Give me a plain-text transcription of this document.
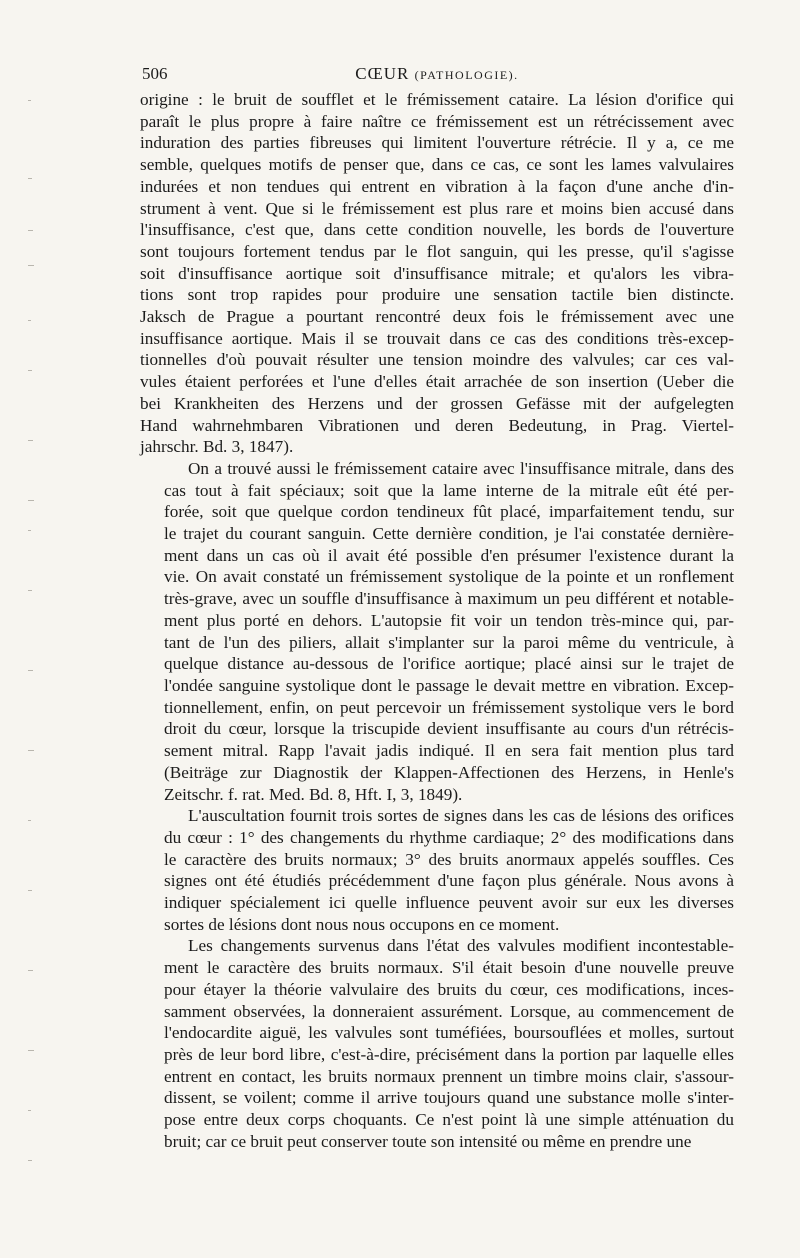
506	CŒUR (PATHOLOGIE).

origine : le bruit de soufflet et le frémissement cataire. La lésion d'orifice qui
paraît le plus propre à faire naître ce frémissement est un rétrécissement avec
induration des parties fibreuses qui limitent l'ouverture rétrécie. Il y a, ce me
semble, quelques motifs de penser que, dans ce cas, ce sont les lames valvulaires
indurées et non tendues qui entrent en vibration à la façon d'une anche d'in-
strument à vent. Que si le frémissement est plus rare et moins bien accusé dans
l'insuffisance, c'est que, dans cette condition nouvelle, les bords de l'ouverture
sont toujours fortement tendus par le flot sanguin, qui les presse, qu'il s'agisse
soit d'insuffisance aortique soit d'insuffisance mitrale; et qu'alors les vibra-
tions sont trop rapides pour produire une sensation tactile bien distincte.
Jaksch de Prague a pourtant rencontré deux fois le frémissement avec une
insuffisance aortique. Mais il se trouvait dans ce cas des conditions très-excep-
tionnelles d'où pouvait résulter une tension moindre des valvules; car ces val-
vules étaient perforées et l'une d'elles était arrachée de son insertion (Ueber die
bei Krankheiten des Herzens und der grossen Gefässe mit der aufgelegten
Hand wahrnehmbaren Vibrationen und deren Bedeutung, in Prag. Viertel-
jahrschr. Bd. 3, 1847).

On a trouvé aussi le frémissement cataire avec l'insuffisance mitrale, dans des
cas tout à fait spéciaux; soit que la lame interne de la mitrale eût été per-
forée, soit que quelque cordon tendineux fût placé, imparfaitement tendu, sur
le trajet du courant sanguin. Cette dernière condition, je l'ai constatée dernière-
ment dans un cas où il avait été possible d'en présumer l'existence durant la
vie. On avait constaté un frémissement systolique de la pointe et un ronflement
très-grave, avec un souffle d'insuffisance à maximum un peu différent et notable-
ment plus porté en dehors. L'autopsie fit voir un tendon très-mince qui, par-
tant de l'un des piliers, allait s'implanter sur la paroi même du ventricule, à
quelque distance au-dessous de l'orifice aortique; placé ainsi sur le trajet de
l'ondée sanguine systolique dont le passage le devait mettre en vibration. Excep-
tionnellement, enfin, on peut percevoir un frémissement systolique vers le bord
droit du cœur, lorsque la triscupide devient insuffisante au cours d'un rétrécis-
sement mitral. Rapp l'avait jadis indiqué. Il en sera fait mention plus tard
(Beiträge zur Diagnostik der Klappen-Affectionen des Herzens, in Henle's
Zeitschr. f. rat. Med. Bd. 8, Hft. I, 3, 1849).

L'auscultation fournit trois sortes de signes dans les cas de lésions des orifices
du cœur : 1° des changements du rhythme cardiaque; 2° des modifications dans
le caractère des bruits normaux; 3° des bruits anormaux appelés souffles. Ces
signes ont été étudiés précédemment d'une façon plus générale. Nous avons à
indiquer spécialement ici quelle influence peuvent avoir sur eux les diverses
sortes de lésions dont nous nous occupons en ce moment.

Les changements survenus dans l'état des valvules modifient incontestable-
ment le caractère des bruits normaux. S'il était besoin d'une nouvelle preuve
pour étayer la théorie valvulaire des bruits du cœur, ces modifications, inces-
samment observées, la donneraient assurément. Lorsque, au commencement de
l'endocardite aiguë, les valvules sont tuméfiées, boursouflées et molles, surtout
près de leur bord libre, c'est-à-dire, précisément dans la portion par laquelle elles
entrent en contact, les bruits normaux prennent un timbre moins clair, s'assour-
dissent, se voilent; comme il arrive toujours quand une substance molle s'inter-
pose entre deux corps choquants. Ce n'est point là une simple atténuation du
bruit; car ce bruit peut conserver toute son intensité ou même en prendre une
